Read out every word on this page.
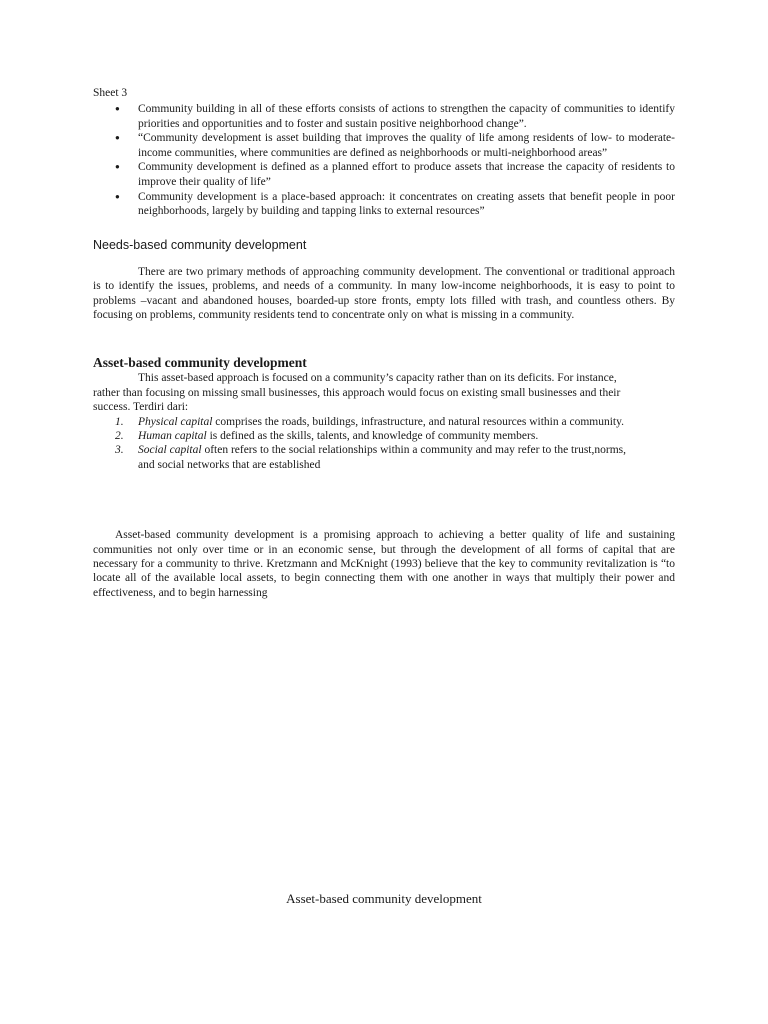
Sheet 3

● Community building in all of these efforts consists of actions to strengthen the capacity of communities to identify priorities and opportunities and to foster and sustain positive neighborhood change”.
● “Community development is asset building that improves the quality of life among residents of low- to moderate-income communities, where communities are defined as neighborhoods or multi-neighborhood areas”
● Community development is defined as a planned effort to produce assets that increase the capacity of residents to improve their quality of life”
● Community development is a place-based approach: it concentrates on creating assets that benefit people in poor neighborhoods, largely by building and tapping links to external resources”
Needs-based community development

There are two primary methods of approaching community development. The conventional or traditional approach is to identify the issues, problems, and needs of a community. In many low-income neighborhoods, it is easy to point to problems –vacant and abandoned houses, boarded-up store fronts, empty lots filled with trash, and countless others. By focusing on problems, community residents tend to concentrate only on what is missing in a community.

Asset-based community development

This asset-based approach is focused on a community’s capacity rather than on its deficits. For instance, rather than focusing on missing small businesses, this approach would focus on existing small businesses and their success. Terdiri dari:

1. Physical capital comprises the roads, buildings, infrastructure, and natural resources within a community.
2. Human capital is defined as the skills, talents, and knowledge of community members.
3. Social capital often refers to the social relationships within a community and may refer to the trust,norms, and social networks that are established

Asset-based community development is a promising approach to achieving a better quality of life and sustaining communities not only over time or in an economic sense, but through the development of all forms of capital that are necessary for a community to thrive. Kretzmann and McKnight (1993) believe that the key to community revitalization is “to locate all of the available local assets, to begin connecting them with one another in ways that multiply their power and effectiveness, and to begin harnessing

Asset-based community development
